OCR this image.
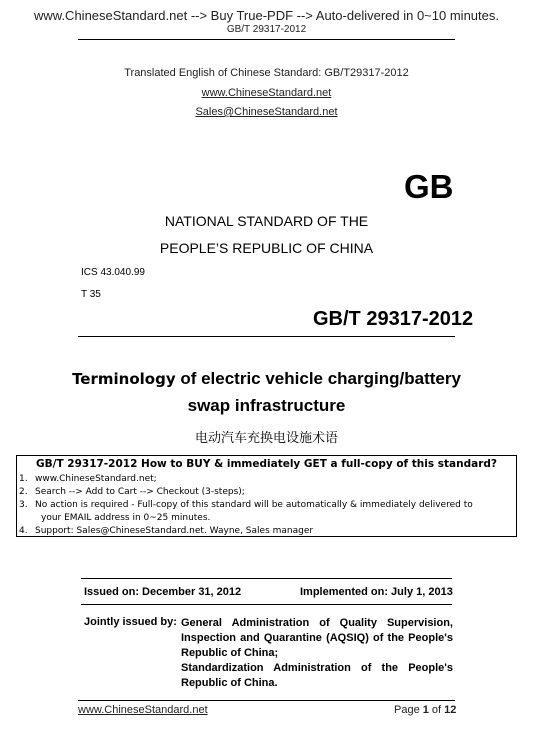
www.ChineseStandard.net --> Buy True-PDF --> Auto-delivered in 0~10 minutes.
GB/T 29317-2012
Translated English of Chinese Standard: GB/T29317-2012
www.ChineseStandard.net
Sales@ChineseStandard.net
GB
NATIONAL STANDARD OF THE
PEOPLE’S REPUBLIC OF CHINA
ICS 43.040.99
T 35
GB/T 29317-2012
Terminology of electric vehicle charging/battery
swap infrastructure
电动汽车充换电设施术语
GB/T 29317-2012 How to BUY & immediately GET a full-copy of this standard?
1. www.ChineseStandard.net;
2. Search --> Add to Cart --> Checkout (3-steps);
3. No action is required - Full-copy of this standard will be automatically & immediately delivered to
your EMAIL address in 0~25 minutes.
4. Support: Sales@ChineseStandard.net. Wayne, Sales manager
Issued on: December 31, 2012	Implemented on: July 1, 2013
Jointly issued by: General Administration of Quality Supervision, Inspection and Quarantine (AQSIQ) of the People's Republic of China;
Standardization Administration of the People's Republic of China.
www.ChineseStandard.net	Page 1 of 12
